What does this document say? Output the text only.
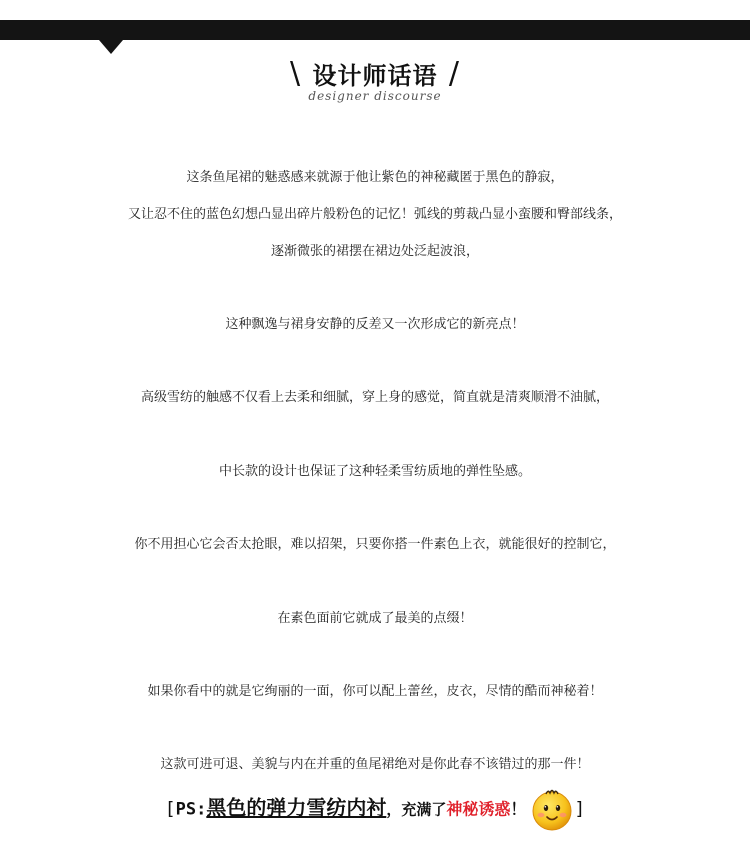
\ 设计师话语 /
designer discourse
这条鱼尾裙的魅惑感来就源于他让紫色的神秘藏匿于黑色的静寂，
又让忍不住的蓝色幻想凸显出碎片般粉色的记忆！弧线的剪裁凸显小蛮腰和臀部线条，
逐渐微张的裙摆在裙边处泛起波浪，
这种飘逸与裙身安静的反差又一次形成它的新亮点！
高级雪纺的触感不仅看上去柔和细腻，穿上身的感觉，简直就是清爽顺滑不油腻，
中长款的设计也保证了这种轻柔雪纺质地的弹性坠感。
你不用担心它会否太抢眼，难以招架，只要你搭一件素色上衣，就能很好的控制它，
在素色面前它就成了最美的点缀！
如果你看中的就是它绚丽的一面，你可以配上蕾丝，皮衣，尽情的酷而神秘着！
这款可进可退、美貌与内在并重的鱼尾裙绝对是你此春不该错过的那一件！
[PS:黑色的弹力雪纺内衬，充满了神秘诱惑！	]
